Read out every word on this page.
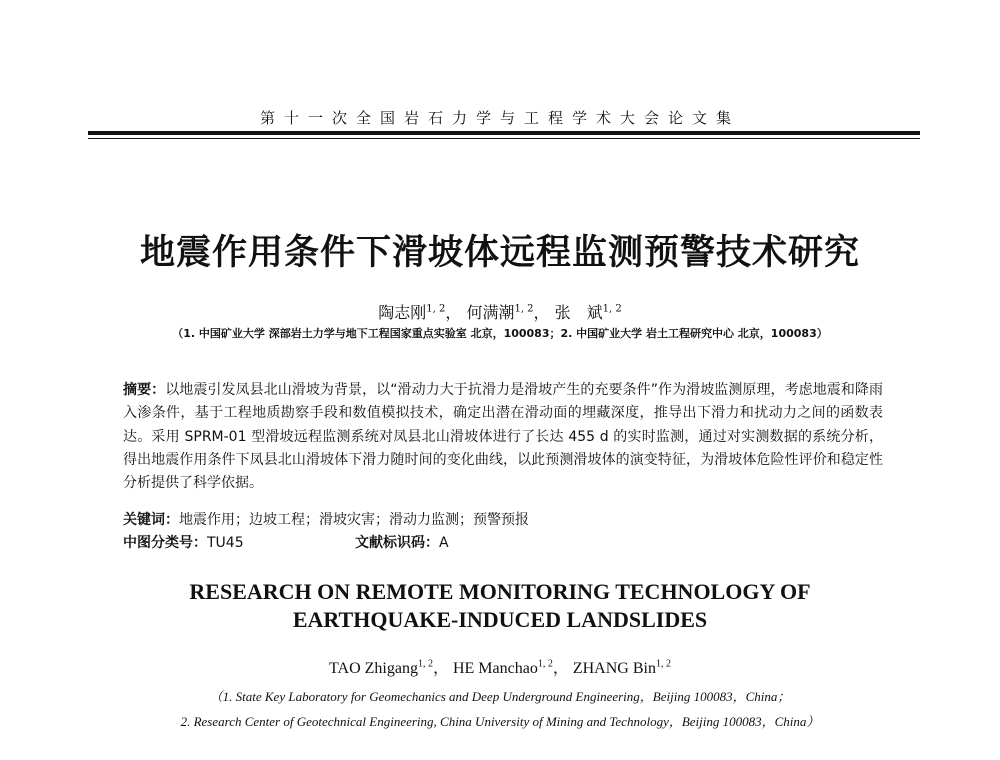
第十一次全国岩石力学与工程学术大会论文集
地震作用条件下滑坡体远程监测预警技术研究
陶志刚$^{1, 2}$， 何满潮$^{1, 2}$， 张　斌$^{1, 2}$
（1. 中国矿业大学 深部岩土力学与地下工程国家重点实验室 北京，100083；2. 中国矿业大学 岩土工程研究中心 北京，100083）
摘要：以地震引发凤县北山滑坡为背景，以“滑动力大于抗滑力是滑坡产生的充要条件”作为滑坡监测原理，考虑地震和降雨入渗条件，基于工程地质勘察手段和数值模拟技术，确定出潜在滑动面的埋藏深度，推导出下滑力和扰动力之间的函数表达。采用 SPRM-01 型滑坡远程监测系统对凤县北山滑坡体进行了长达 455 d 的实时监测，通过对实测数据的系统分析，得出地震作用条件下凤县北山滑坡体下滑力随时间的变化曲线，以此预测滑坡体的演变特征，为滑坡体危险性评价和稳定性分析提供了科学依据。
关键词：地震作用；边坡工程；滑坡灾害；滑动力监测；预警预报
中图分类号：TU45	文献标识码：A
RESEARCH ON REMOTE MONITORING TECHNOLOGY OF
EARTHQUAKE-INDUCED LANDSLIDES
TAO Zhigang$^{1, 2}$， HE Manchao$^{1, 2}$， ZHANG Bin$^{1, 2}$
（1. State Key Laboratory for Geomechanics and Deep Underground Engineering，Beijing 100083，China；
2. Research Center of Geotechnical Engineering, China University of Mining and Technology，Beijing 100083，China）
